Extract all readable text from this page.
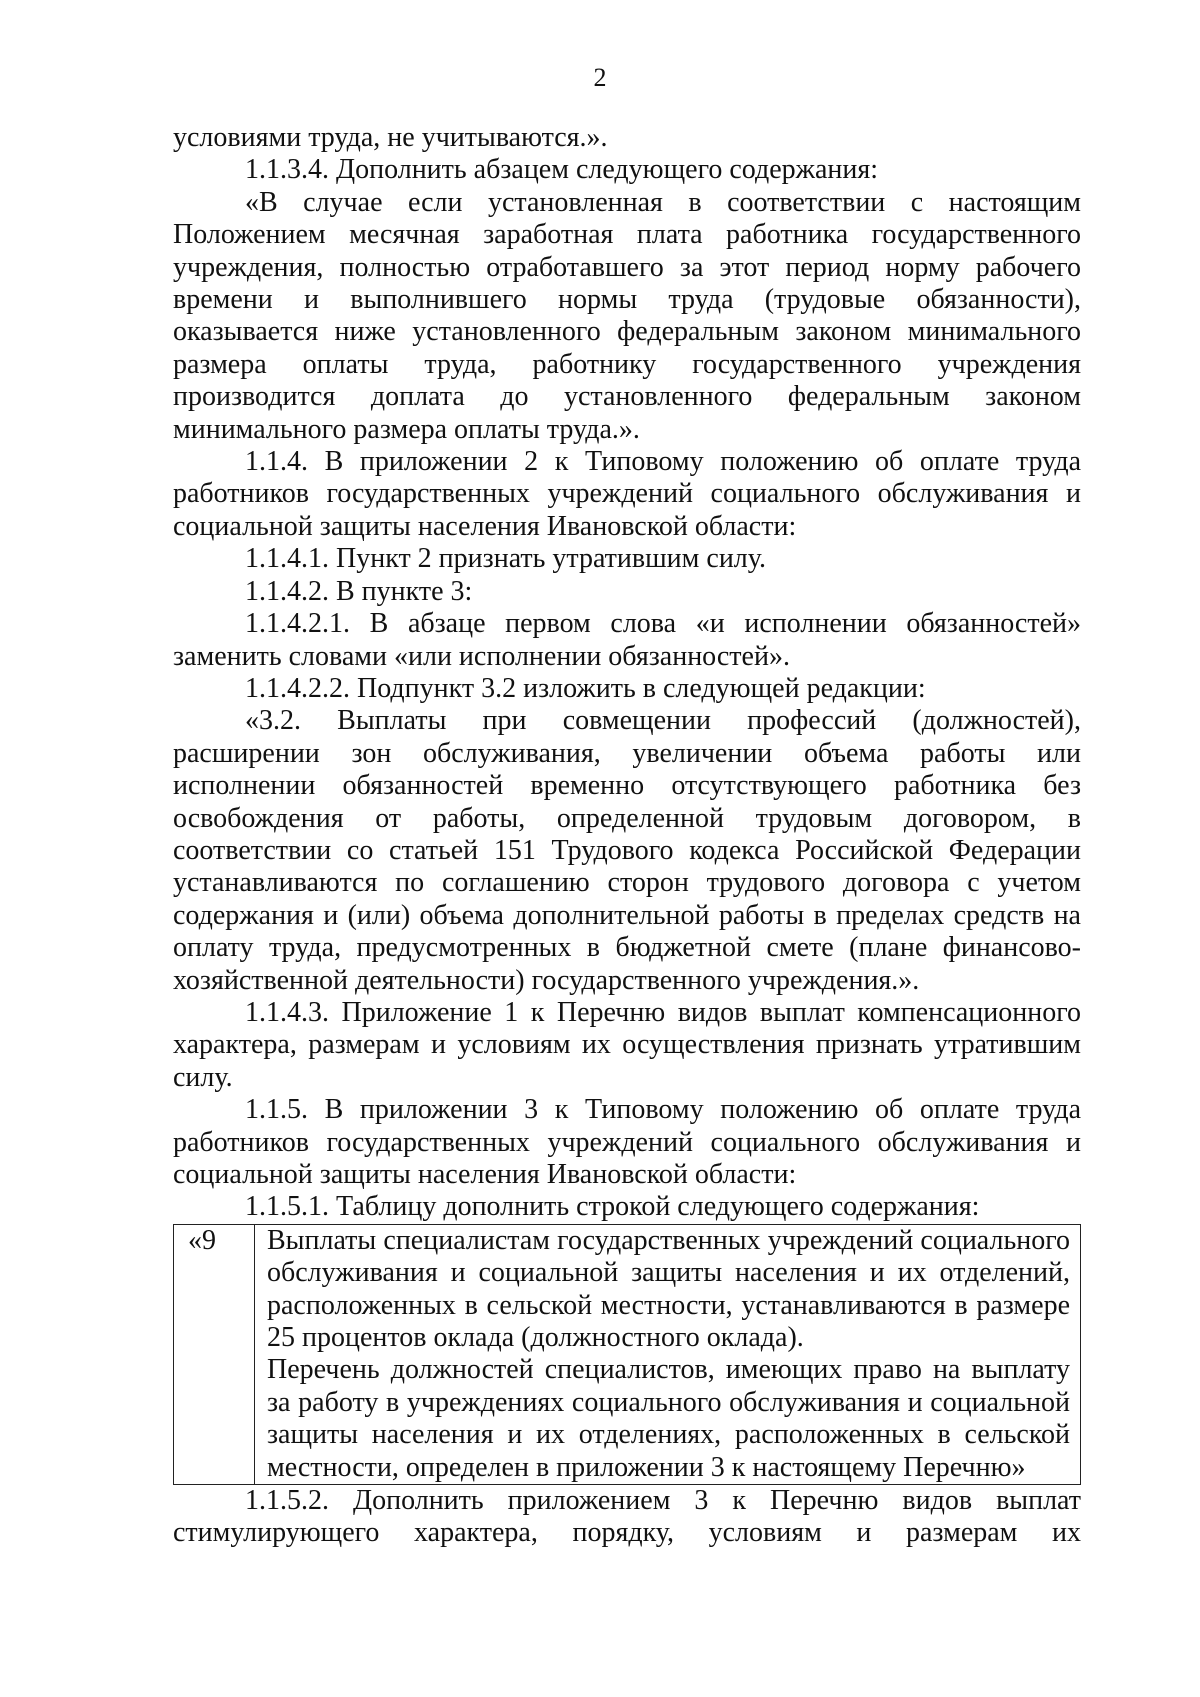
2

условиями труда, не учитываются.».

1.1.3.4. Дополнить абзацем следующего содержания:

«В случае если установленная в соответствии с настоящим Положением месячная заработная плата работника государственного учреждения, полностью отработавшего за этот период норму рабочего времени и выполнившего нормы труда (трудовые обязанности), оказывается ниже установленного федеральным законом минимального размера оплаты труда, работнику государственного учреждения производится доплата до установленного федеральным законом минимального размера оплаты труда.».

1.1.4. В приложении 2 к Типовому положению об оплате труда работников государственных учреждений социального обслуживания и социальной защиты населения Ивановской области:

1.1.4.1. Пункт 2 признать утратившим силу.

1.1.4.2. В пункте 3:

1.1.4.2.1. В абзаце первом слова «и исполнении обязанностей» заменить словами «или исполнении обязанностей».

1.1.4.2.2. Подпункт 3.2 изложить в следующей редакции:

«3.2. Выплаты при совмещении профессий (должностей), расширении зон обслуживания, увеличении объема работы или исполнении обязанностей временно отсутствующего работника без освобождения от работы, определенной трудовым договором, в соответствии со статьей 151 Трудового кодекса Российской Федерации устанавливаются по соглашению сторон трудового договора с учетом содержания и (или) объема дополнительной работы в пределах средств на оплату труда, предусмотренных в бюджетной смете (плане финансово-хозяйственной деятельности) государственного учреждения.».

1.1.4.3. Приложение 1 к Перечню видов выплат компенсационного характера, размерам и условиям их осуществления признать утратившим силу.

1.1.5. В приложении 3 к Типовому положению об оплате труда работников государственных учреждений социального обслуживания и социальной защиты населения Ивановской области:

1.1.5.1. Таблицу дополнить строкой следующего содержания:

«9	Выплаты специалистам государственных учреждений социального обслуживания и социальной защиты населения и их отделений, расположенных в сельской местности, устанавливаются в размере 25 процентов оклада (должностного оклада).

Перечень должностей специалистов, имеющих право на выплату за работу в учреждениях социального обслуживания и социальной защиты населения и их отделениях, расположенных в сельской местности, определен в приложении 3 к настоящему Перечню»

1.1.5.2. Дополнить приложением 3 к Перечню видов выплат стимулирующего характера, порядку, условиям и размерам их
